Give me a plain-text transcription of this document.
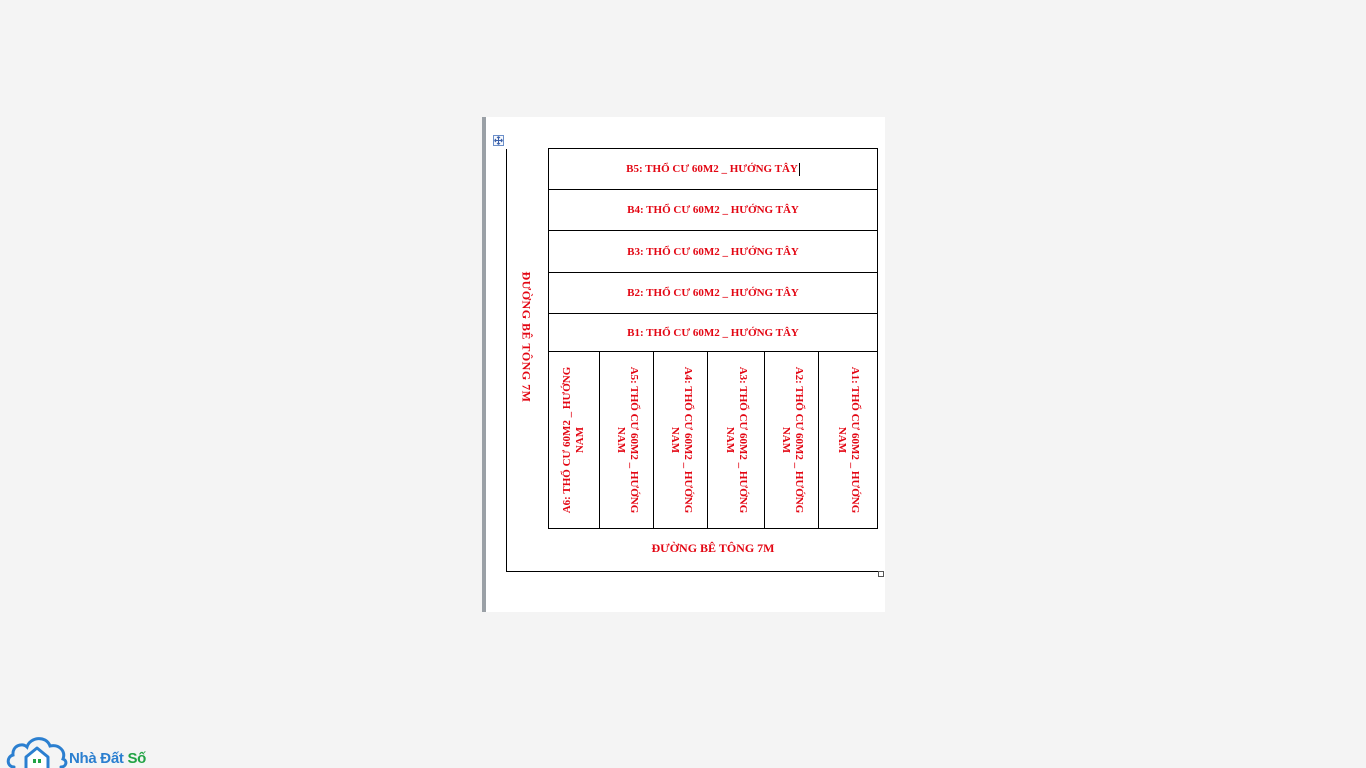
ĐƯỜNG BÊ TÔNG 7M
B5: THỔ CƯ 60M2 _ HƯỚNG TÂY
B4: THỔ CƯ 60M2 _ HƯỚNG TÂY
B3: THỔ CƯ 60M2 _ HƯỚNG TÂY
B2: THỔ CƯ 60M2 _ HƯỚNG TÂY
B1: THỔ CƯ 60M2 _ HƯỚNG TÂY
A6: THỔ CƯ 60M2 _ HƯỚNG NAM	A5: THỔ CƯ 60M2 _ HƯỚNG NAM	A4: THỔ CƯ 60M2 _ HƯỚNG NAM	A3: THỔ CƯ 60M2 _ HƯỚNG NAM	A2: THỔ CƯ 60M2 _ HƯỚNG NAM	A1: THỔ CƯ 60M2 _ HƯỚNG NAM
ĐƯỜNG BÊ TÔNG 7M
Nhà Đất Số
